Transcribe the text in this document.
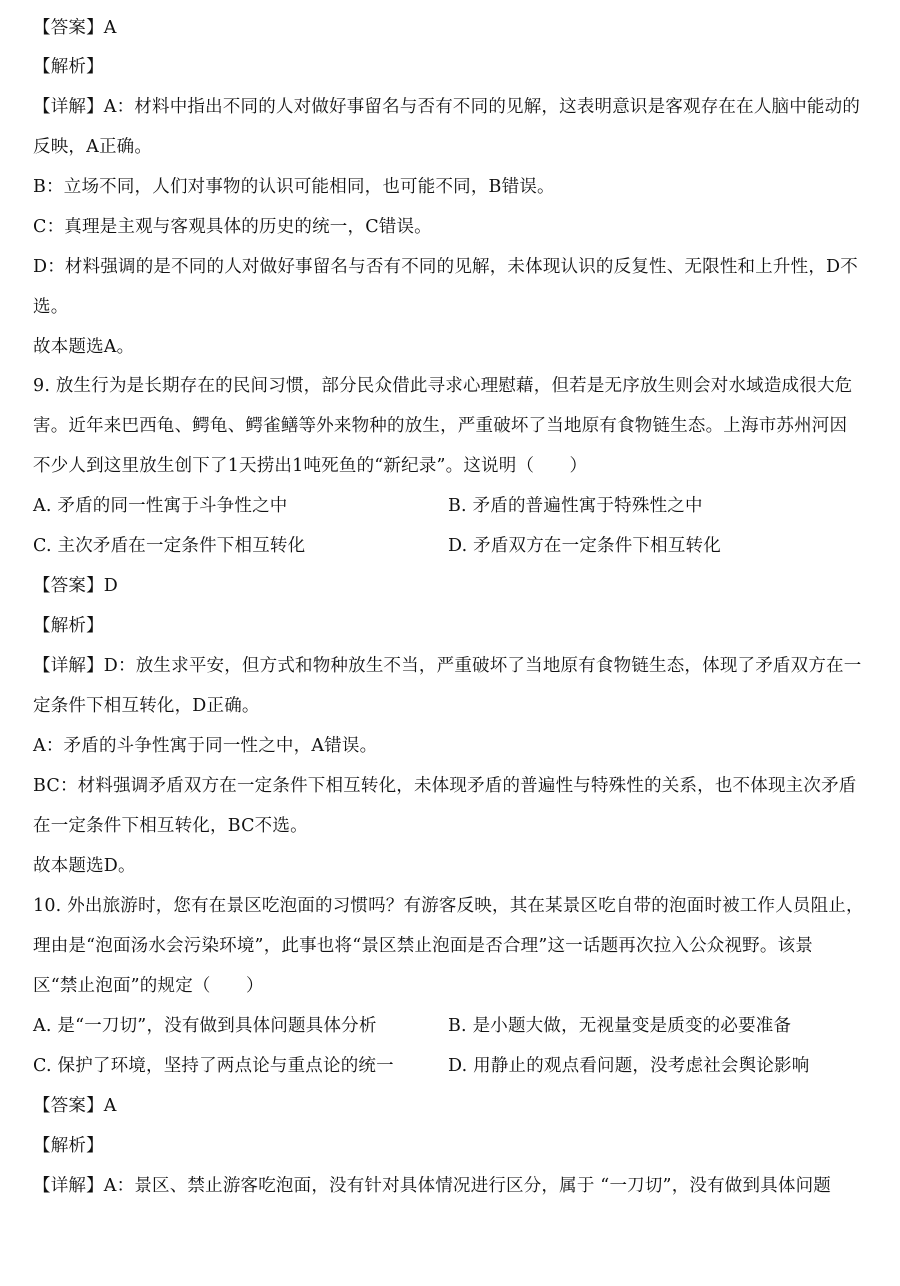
【答案】A
【解析】
【详解】A：材料中指出不同的人对做好事留名与否有不同的见解，这表明意识是客观存在在人脑中能动的
反映，A正确。
B：立场不同，人们对事物的认识可能相同，也可能不同，B错误。
C：真理是主观与客观具体的历史的统一，C错误。
D：材料强调的是不同的人对做好事留名与否有不同的见解，未体现认识的反复性、无限性和上升性，D不
选。
故本题选A。
9. 放生行为是长期存在的民间习惯，部分民众借此寻求心理慰藉，但若是无序放生则会对水域造成很大危
害。近年来巴西龟、鳄龟、鳄雀鳝等外来物种的放生，严重破坏了当地原有食物链生态。上海市苏州河因
不少人到这里放生创下了1天捞出1吨死鱼的“新纪录”。这说明（　　）
A. 矛盾的同一性寓于斗争性之中	B. 矛盾的普遍性寓于特殊性之中
C. 主次矛盾在一定条件下相互转化	D. 矛盾双方在一定条件下相互转化
【答案】D
【解析】
【详解】D：放生求平安，但方式和物种放生不当，严重破坏了当地原有食物链生态，体现了矛盾双方在一
定条件下相互转化，D正确。
A：矛盾的斗争性寓于同一性之中，A错误。
BC：材料强调矛盾双方在一定条件下相互转化，未体现矛盾的普遍性与特殊性的关系，也不体现主次矛盾
在一定条件下相互转化，BC不选。
故本题选D。
10. 外出旅游时，您有在景区吃泡面的习惯吗？有游客反映，其在某景区吃自带的泡面时被工作人员阻止，
理由是“泡面汤水会污染环境”，此事也将“景区禁止泡面是否合理”这一话题再次拉入公众视野。该景
区“禁止泡面”的规定（　　）
A. 是“一刀切”，没有做到具体问题具体分析	B. 是小题大做，无视量变是质变的必要准备
C. 保护了环境，坚持了两点论与重点论的统一	D. 用静止的观点看问题，没考虑社会舆论影响
【答案】A
【解析】
【详解】A：景区、禁止游客吃泡面，没有针对具体情况进行区分，属于 “一刀切”，没有做到具体问题
